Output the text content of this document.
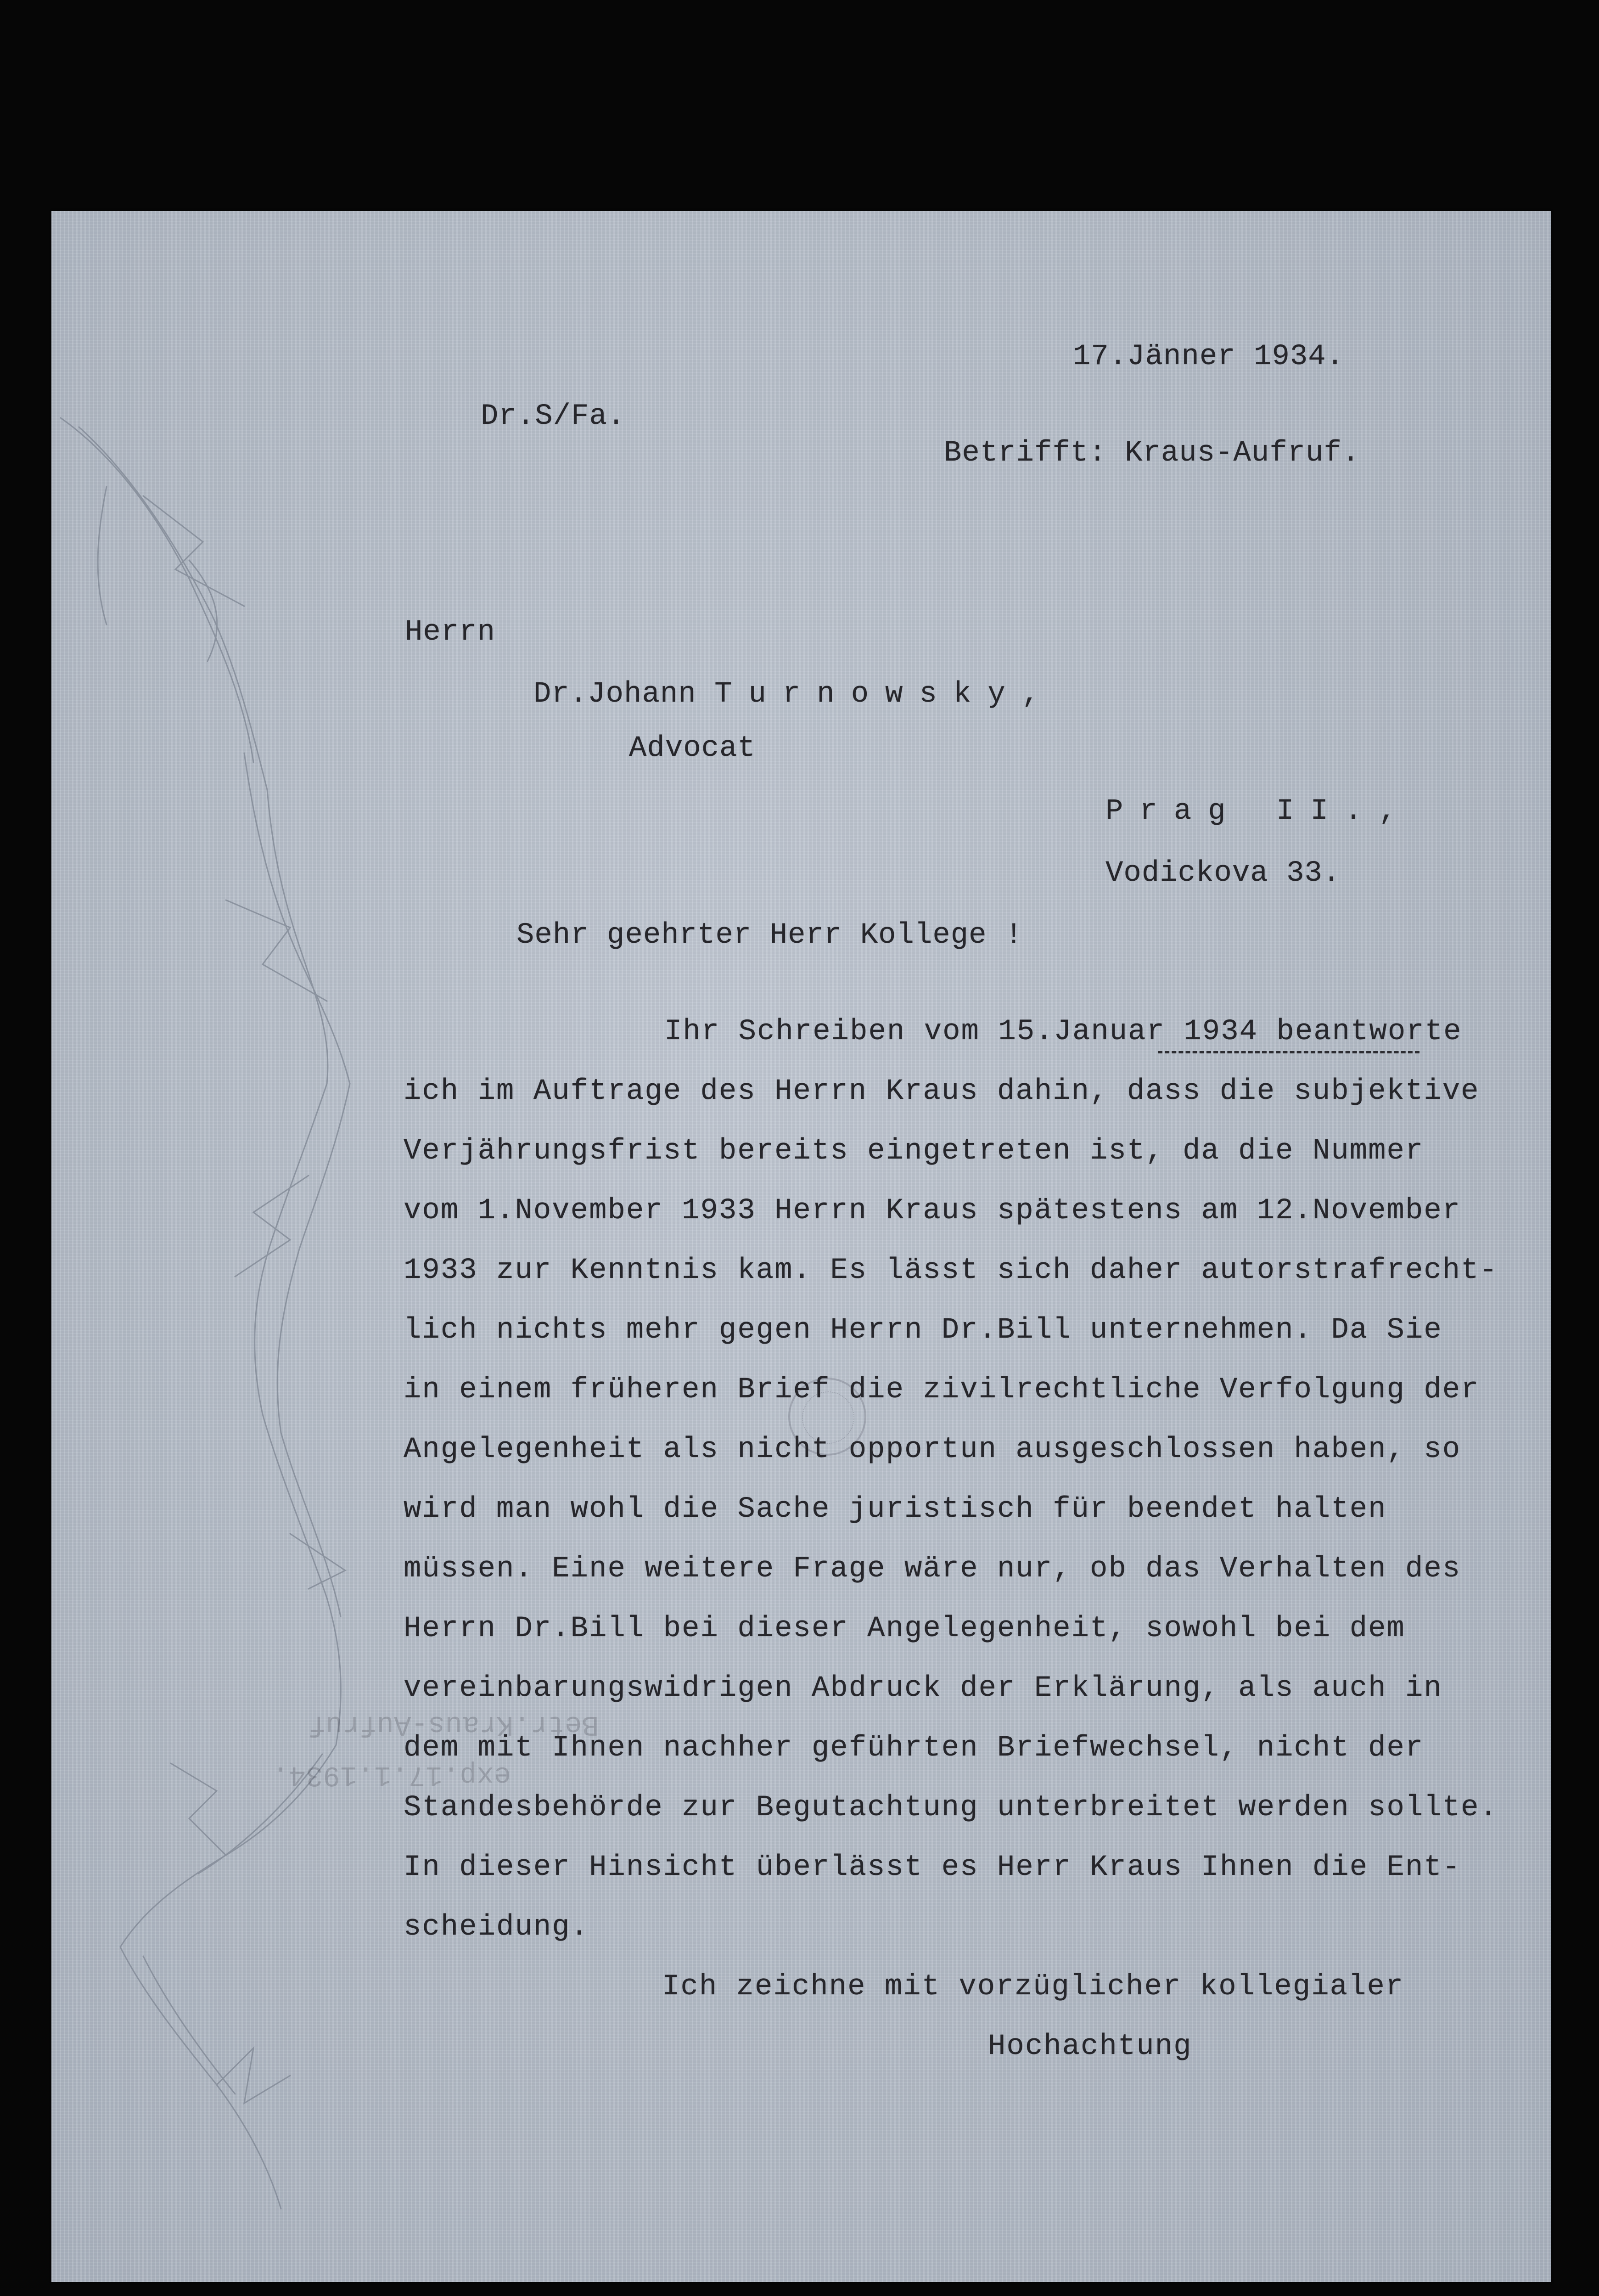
Betr.Kraus-Aufruf
exp.17.1.1934.

17.Jänner 1934.

Dr.S/Fa.

Betrifft: Kraus-Aufruf.

Herrn

Dr.Johann Turnowsky,

Advocat

Prag II.,

Vodickova 33.

Sehr geehrter Herr Kollege !

Ihr Schreiben vom 15.Januar 1934 beantworte

ich im Auftrage des Herrn Kraus dahin, dass die subjektive

Verjährungsfrist bereits eingetreten ist, da die Nummer

vom 1.November 1933 Herrn Kraus spätestens am 12.November

1933 zur Kenntnis kam. Es lässt sich daher autorstrafrecht-

lich nichts mehr gegen Herrn Dr.Bill unternehmen. Da Sie

in einem früheren Brief die zivilrechtliche Verfolgung der

Angelegenheit als nicht opportun ausgeschlossen haben, so

wird man wohl die Sache juristisch für beendet halten

müssen. Eine weitere Frage wäre nur, ob das Verhalten des

Herrn Dr.Bill bei dieser Angelegenheit, sowohl bei dem

vereinbarungswidrigen Abdruck der Erklärung, als auch in

dem mit Ihnen nachher geführten Briefwechsel, nicht der

Standesbehörde zur Begutachtung unterbreitet werden sollte.

In dieser Hinsicht überlässt es Herr Kraus Ihnen die Ent-

scheidung.

Ich zeichne mit vorzüglicher kollegialer

Hochachtung
